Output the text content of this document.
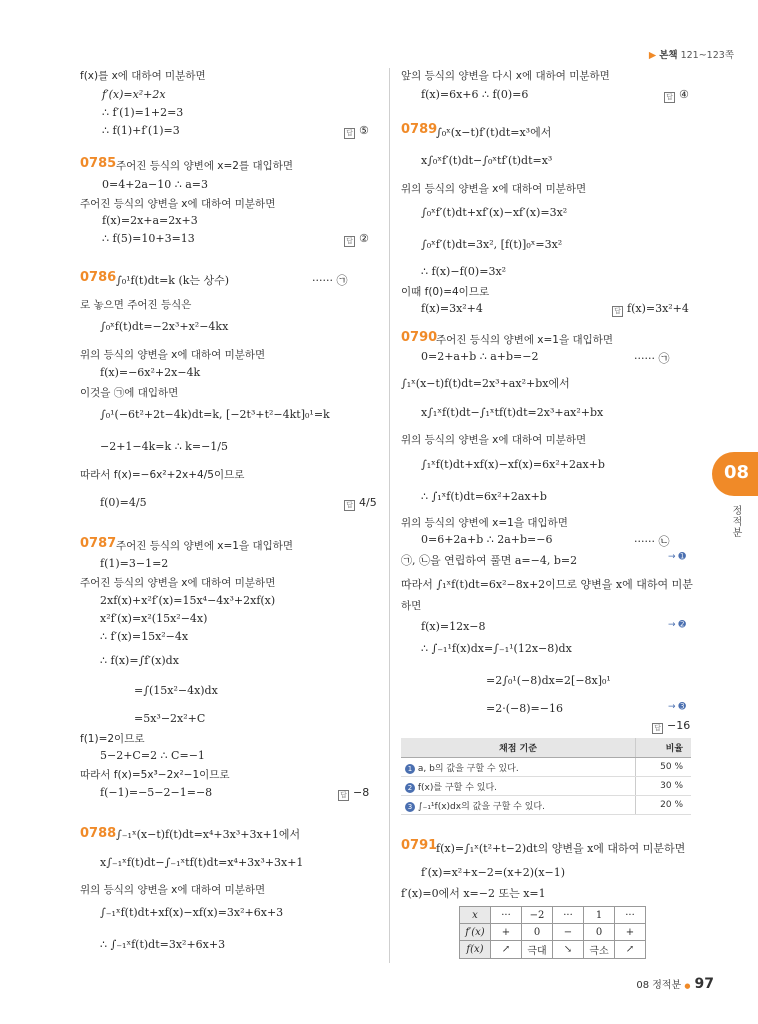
▶ 본책 121~123쪽
f(x)를 x에 대하여 미분하면
f′(x)=x²+2x
∴ f′(1)=1+2=3
∴ f(1)+f′(1)=3	답 ⑤
0785 주어진 등식의 양변에 x=2를 대입하면
0=4+2a−10 ∴ a=3
주어진 등식의 양변을 x에 대하여 미분하면
f(x)=2x+a=2x+3
∴ f(5)=10+3=13	답 ②
0786 ∫₀¹f(t)dt=k (k는 상수)	······ ㉠
로 놓으면 주어진 등식은
∫₀ˣf(t)dt=−2x³+x²−4kx
위의 등식의 양변을 x에 대하여 미분하면
f(x)=−6x²+2x−4k
이것을 ㉠에 대입하면
∫₀¹(−6t²+2t−4k)dt=k, [−2t³+t²−4kt]₀¹=k
−2+1−4k=k ∴ k=−1/5
따라서 f(x)=−6x²+2x+4/5이므로
f(0)=4/5	답 4/5
0787 주어진 등식의 양변에 x=1을 대입하면
f(1)=3−1=2
주어진 등식의 양변을 x에 대하여 미분하면
2xf(x)+x²f′(x)=15x⁴−4x³+2xf(x)
x²f′(x)=x²(15x²−4x)
∴ f′(x)=15x²−4x
∴ f(x)=∫f′(x)dx
=∫(15x²−4x)dx
=5x³−2x²+C
f(1)=2이므로
5−2+C=2 ∴ C=−1
따라서 f(x)=5x³−2x²−1이므로
f(−1)=−5−2−1=−8	답 −8
0788 ∫₋₁ˣ(x−t)f(t)dt=x⁴+3x³+3x+1에서
x∫₋₁ˣf(t)dt−∫₋₁ˣtf(t)dt=x⁴+3x³+3x+1
위의 등식의 양변을 x에 대하여 미분하면
∫₋₁ˣf(t)dt+xf(x)−xf(x)=3x²+6x+3
∴ ∫₋₁ˣf(t)dt=3x²+6x+3
앞의 등식의 양변을 다시 x에 대하여 미분하면
f(x)=6x+6 ∴ f(0)=6	답 ④
0789
∫₀ˣ(x−t)f′(t)dt=x³에서
x∫₀ˣf′(t)dt−∫₀ˣtf′(t)dt=x³
위의 등식의 양변을 x에 대하여 미분하면
∫₀ˣf′(t)dt+xf′(x)−xf′(x)=3x²
∫₀ˣf′(t)dt=3x², [f(t)]₀ˣ=3x²
∴ f(x)−f(0)=3x²
이때 f(0)=4이므로
f(x)=3x²+4	답 f(x)=3x²+4
0790
주어진 등식의 양변에 x=1을 대입하면
0=2+a+b ∴ a+b=−2	······ ㉠
∫₁ˣ(x−t)f(t)dt=2x³+ax²+bx에서
x∫₁ˣf(t)dt−∫₁ˣtf(t)dt=2x³+ax²+bx
위의 등식의 양변을 x에 대하여 미분하면
∫₁ˣf(t)dt+xf(x)−xf(x)=6x²+2ax+b
∴ ∫₁ˣf(t)dt=6x²+2ax+b
위의 등식의 양변에 x=1을 대입하면
0=6+2a+b ∴ 2a+b=−6	······ ㉡
㉠, ㉡을 연립하여 풀면 a=−4, b=2	→ ➊
따라서 ∫₁ˣf(t)dt=6x²−8x+2이므로 양변을 x에 대하여 미분
하면
f(x)=12x−8	→ ➋
∴ ∫₋₁¹f(x)dx=∫₋₁¹(12x−8)dx
=2∫₀¹(−8)dx=2[−8x]₀¹
=2·(−8)=−16	→ ➌
답 −16
채점 기준	비율
1 a, b의 값을 구할 수 있다.	50 %
2 f(x)를 구할 수 있다.	30 %
3 ∫₋₁¹f(x)dx의 값을 구할 수 있다.	20 %
0791
f(x)=∫₁ˣ(t²+t−2)dt의 양변을 x에 대하여 미분하면
f′(x)=x²+x−2=(x+2)(x−1)
f′(x)=0에서 x=−2 또는 x=1
x	···	−2	···	1	···
f′(x)	+	0	−	0	+
f(x)	↗	극대	↘	극소	↗
08
정적분
08 정적분 ● 97
